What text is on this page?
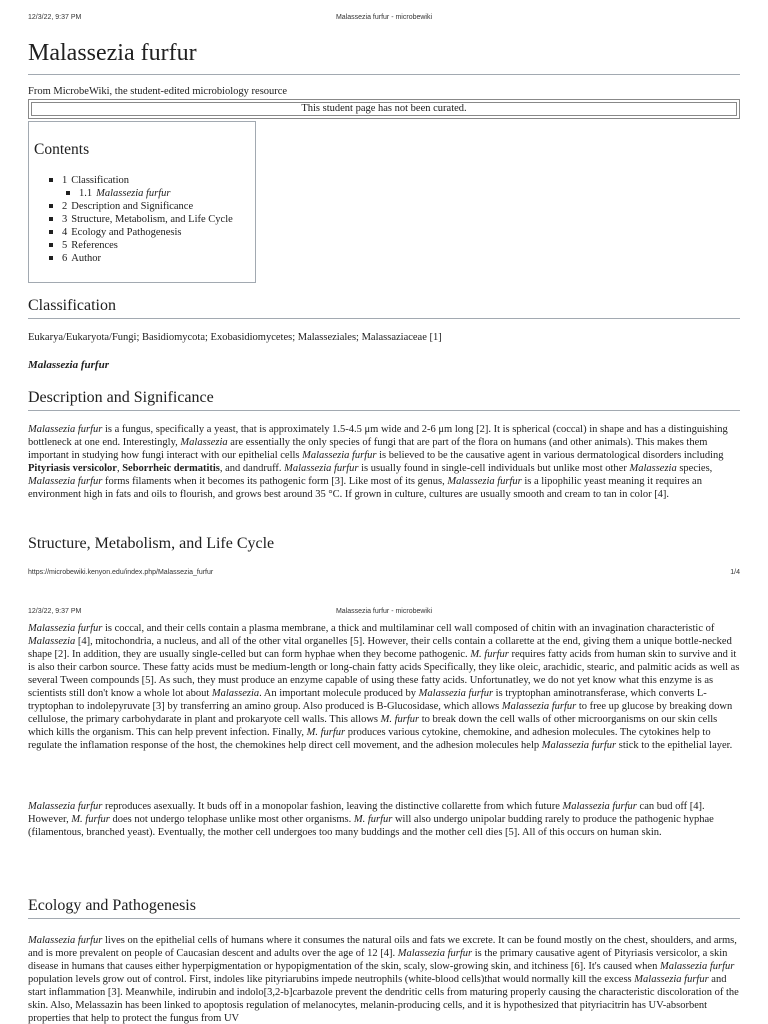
12/3/22, 9:37 PM	Malassezia furfur - microbewiki
Malassezia furfur
From MicrobeWiki, the student-edited microbiology resource
This student page has not been curated.
Contents
1 Classification
1.1 Malassezia furfur
2 Description and Significance
3 Structure, Metabolism, and Life Cycle
4 Ecology and Pathogenesis
5 References
6 Author
Classification
Eukarya/Eukaryota/Fungi; Basidiomycota; Exobasidiomycetes; Malasseziales; Malassaziaceae [1]
Malassezia furfur
Description and Significance

Malassezia furfur is a fungus, specifically a yeast, that is approximately 1.5-4.5 μm wide and 2-6 μm long [2]. It is spherical (coccal) in shape and has a distinguishing bottleneck at one end. Interestingly, Malassezia are essentially the only species of fungi that are part of the flora on humans (and other animals). This makes them important in studying how fungi interact with our epithelial cells Malassezia furfur is believed to be the causative agent in various dermatological disorders including Pityriasis versicolor, Seborrheic dermatitis, and dandruff. Malassezia furfur is usually found in single-cell individuals but unlike most other Malassezia species, Malassezia furfur forms filaments when it becomes its pathogenic form [3]. Like most of its genus, Malassezia furfur is a lipophilic yeast meaning it requires an environment high in fats and oils to flourish, and grows best around 35 °C. If grown in culture, cultures are usually smooth and cream to tan in color [4].

Structure, Metabolism, and Life Cycle
https://microbewiki.kenyon.edu/index.php/Malassezia_furfur	1/4
12/3/22, 9:37 PM	Malassezia furfur - microbewiki

Malassezia furfur is coccal, and their cells contain a plasma membrane, a thick and multilaminar cell wall composed of chitin with an invagination characteristic of Malassezia [4], mitochondria, a nucleus, and all of the other vital organelles [5]. However, their cells contain a collarette at the end, giving them a unique bottle-necked shape [2]. In addition, they are usually single-celled but can form hyphae when they become pathogenic. M. furfur requires fatty acids from human skin to survive and it is also their carbon source. These fatty acids must be medium-length or long-chain fatty acids Specifically, they like oleic, arachidic, stearic, and palmitic acids as well as several Tween compounds [5]. As such, they must produce an enzyme capable of using these fatty acids. Unfortunatley, we do not yet know what this enzyme is as scientists still don't know a whole lot about Malassezia. An important molecule produced by Malassezia furfur is tryptophan aminotransferase, which converts L-tryptophan to indolepyruvate [3] by transferring an amino group. Also produced is B-Glucosidase, which allows Malassezia furfur to free up glucose by breaking down cellulose, the primary carbohydarate in plant and prokaryote cell walls. This allows M. furfur to break down the cell walls of other microorganisms on our skin cells which kills the organism. This can help prevent infection. Finally, M. furfur produces various cytokine, chemokine, and adhesion molecules. The cytokines help to regulate the inflamation response of the host, the chemokines help direct cell movement, and the adhesion molecules help Malassezia furfur stick to the epithelial layer.

Malassezia furfur reproduces asexually. It buds off in a monopolar fashion, leaving the distinctive collarette from which future Malassezia furfur can bud off [4]. However, M. furfur does not undergo telophase unlike most other organisms. M. furfur will also undergo unipolar budding rarely to produce the pathogenic hyphae (filamentous, branched yeast). Eventually, the mother cell undergoes too many buddings and the mother cell dies [5]. All of this occurs on human skin.

Ecology and Pathogenesis

Malassezia furfur lives on the epithelial cells of humans where it consumes the natural oils and fats we excrete. It can be found mostly on the chest, shoulders, and arms, and is more prevalent on people of Caucasian descent and adults over the age of 12 [4]. Malassezia furfur is the primary causative agent of Pityriasis versicolor, a skin disease in humans that causes either hyperpigmentation or hypopigmentation of the skin, scaly, slow-growing skin, and itchiness [6]. It's caused when Malassezia furfur population levels grow out of control. First, indoles like pityriarubins impede neutrophils (white-blood cells)that would normally kill the excess Malassezia furfur and start inflammation [3]. Meanwhile, indirubin and indolo[3,2-b]carbazole prevent the dendritic cells from maturing properly causing the characteristic discoloration of the skin. Also, Melassazin has been linked to apoptosis regulation of melanocytes, melanin-producing cells, and it is hypothesized that pityriacitrin has UV-absorbent properties that help to protect the fungus from UV
